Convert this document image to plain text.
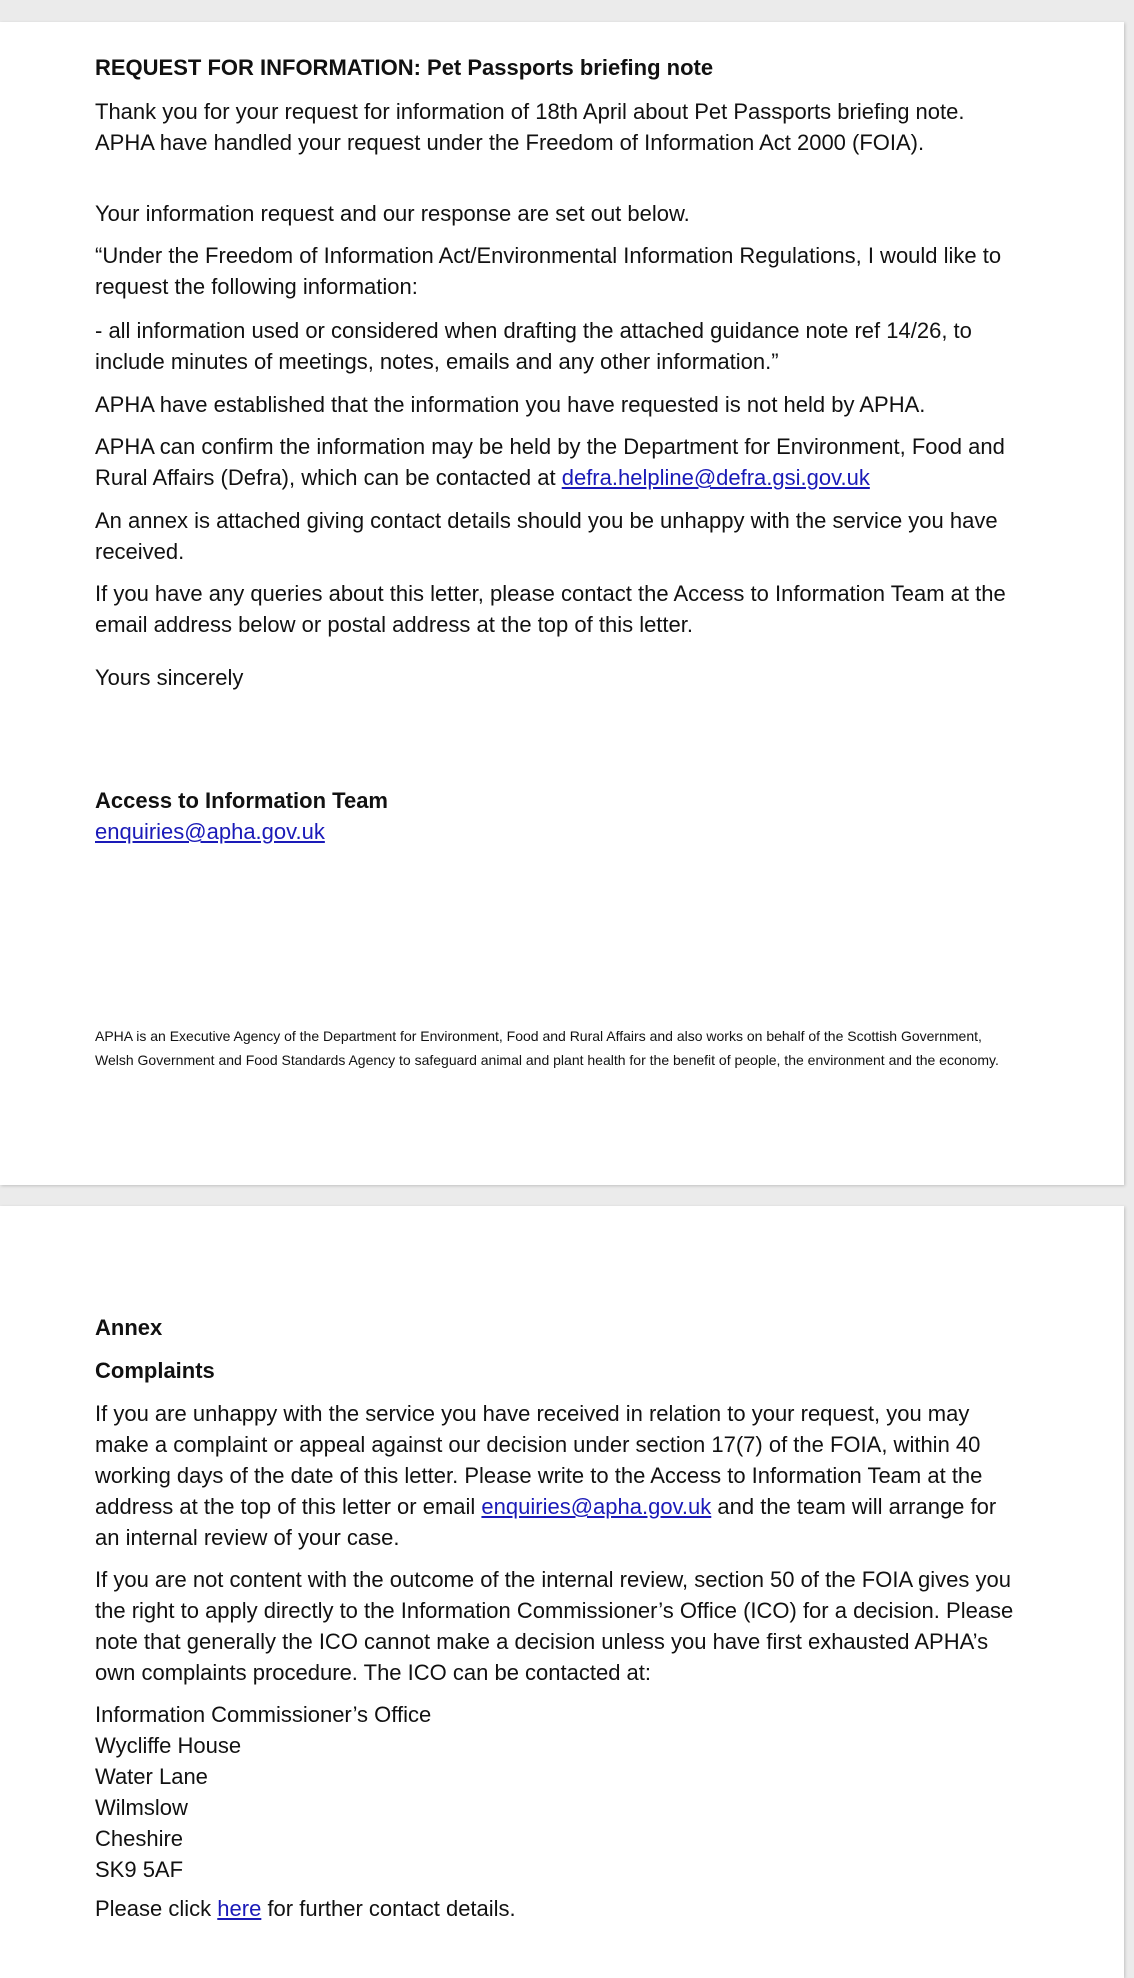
REQUEST FOR INFORMATION: Pet Passports briefing note

Thank you for your request for information of 18th April about Pet Passports briefing note. APHA have handled your request under the Freedom of Information Act 2000 (FOIA).

Your information request and our response are set out below.

“Under the Freedom of Information Act/Environmental Information Regulations, I would like to request the following information:

- all information used or considered when drafting the attached guidance note ref 14/26, to include minutes of meetings, notes, emails and any other information.”

APHA have established that the information you have requested is not held by APHA.

APHA can confirm the information may be held by the Department for Environment, Food and Rural Affairs (Defra), which can be contacted at defra.helpline@defra.gsi.gov.uk

An annex is attached giving contact details should you be unhappy with the service you have received.

If you have any queries about this letter, please contact the Access to Information Team at the email address below or postal address at the top of this letter.

Yours sincerely

Access to Information Team

enquiries@apha.gov.uk

APHA is an Executive Agency of the Department for Environment, Food and Rural Affairs and also works on behalf of the Scottish Government, Welsh Government and Food Standards Agency to safeguard animal and plant health for the benefit of people, the environment and the economy.

Annex

Complaints

If you are unhappy with the service you have received in relation to your request, you may make a complaint or appeal against our decision under section 17(7) of the FOIA, within 40 working days of the date of this letter. Please write to the Access to Information Team at the address at the top of this letter or email enquiries@apha.gov.uk and the team will arrange for an internal review of your case.

If you are not content with the outcome of the internal review, section 50 of the FOIA gives you the right to apply directly to the Information Commissioner’s Office (ICO) for a decision. Please note that generally the ICO cannot make a decision unless you have first exhausted APHA’s own complaints procedure. The ICO can be contacted at:

Information Commissioner’s Office
Wycliffe House
Water Lane
Wilmslow
Cheshire
SK9 5AF

Please click here for further contact details.
